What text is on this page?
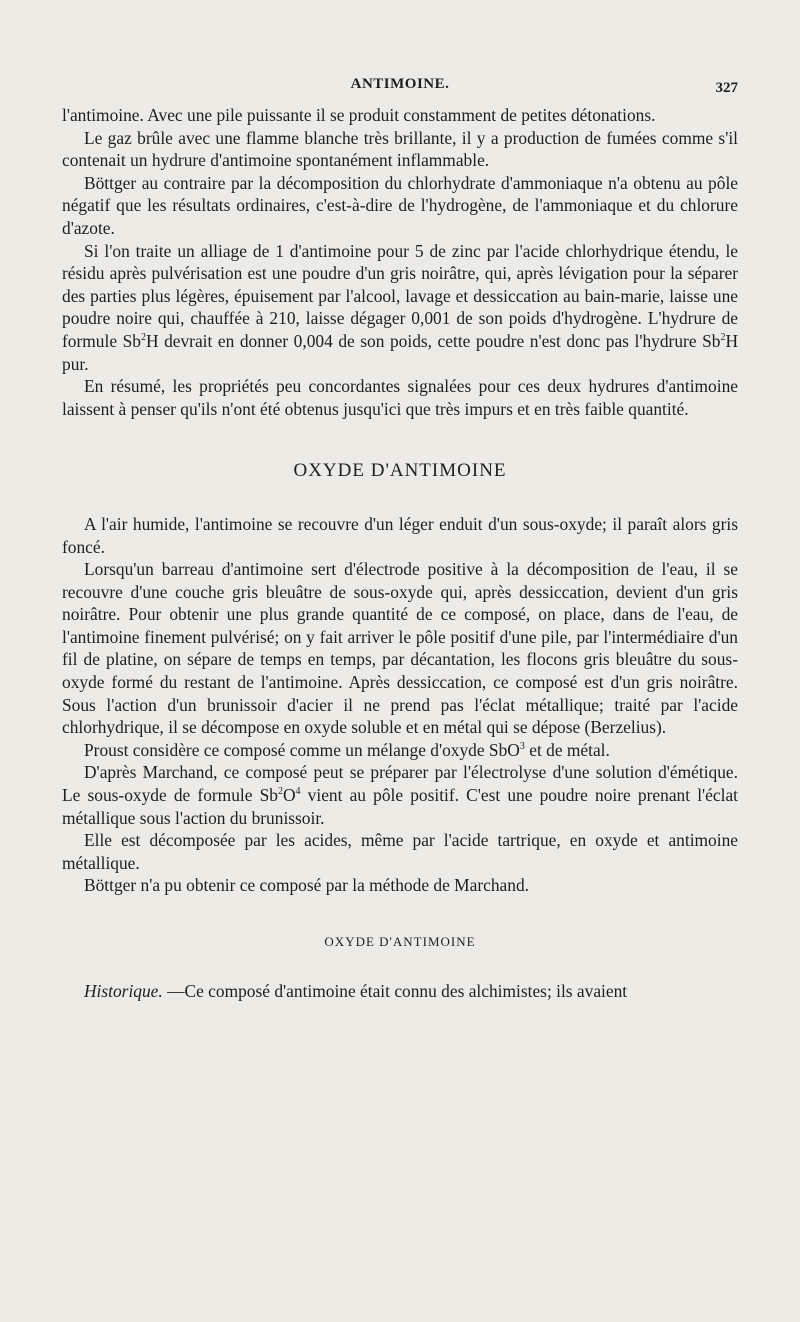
ANTIMOINE.	327

l'antimoine. Avec une pile puissante il se produit constamment de petites détonations.

Le gaz brûle avec une flamme blanche très brillante, il y a production de fumées comme s'il contenait un hydrure d'antimoine spontanément inflammable.

Böttger au contraire par la décomposition du chlorhydrate d'ammoniaque n'a obtenu au pôle négatif que les résultats ordinaires, c'est-à-dire de l'hydrogène, de l'ammoniaque et du chlorure d'azote.

Si l'on traite un alliage de 1 d'antimoine pour 5 de zinc par l'acide chlorhydrique étendu, le résidu après pulvérisation est une poudre d'un gris noirâtre, qui, après lévigation pour la séparer des parties plus légères, épuisement par l'alcool, lavage et dessiccation au bain-marie, laisse une poudre noire qui, chauffée à 210, laisse dégager 0,001 de son poids d'hydrogène. L'hydrure de formule Sb$^2$H devrait en donner 0,004 de son poids, cette poudre n'est donc pas l'hydrure Sb$^2$H pur.

En résumé, les propriétés peu concordantes signalées pour ces deux hydrures d'antimoine laissent à penser qu'ils n'ont été obtenus jusqu'ici que très impurs et en très faible quantité.

OXYDE D'ANTIMOINE

A l'air humide, l'antimoine se recouvre d'un léger enduit d'un sous-oxyde; il paraît alors gris foncé.

Lorsqu'un barreau d'antimoine sert d'électrode positive à la décomposition de l'eau, il se recouvre d'une couche gris bleuâtre de sous-oxyde qui, après dessiccation, devient d'un gris noirâtre. Pour obtenir une plus grande quantité de ce composé, on place, dans de l'eau, de l'antimoine finement pulvérisé; on y fait arriver le pôle positif d'une pile, par l'intermédiaire d'un fil de platine, on sépare de temps en temps, par décantation, les flocons gris bleuâtre du sous-oxyde formé du restant de l'antimoine. Après dessiccation, ce composé est d'un gris noirâtre. Sous l'action d'un brunissoir d'acier il ne prend pas l'éclat métallique; traité par l'acide chlorhydrique, il se décompose en oxyde soluble et en métal qui se dépose (Berzelius).

Proust considère ce composé comme un mélange d'oxyde SbO$^3$ et de métal.

D'après Marchand, ce composé peut se préparer par l'électrolyse d'une solution d'émétique. Le sous-oxyde de formule $Sb^2O^4$ vient au pôle positif. C'est une poudre noire prenant l'éclat métallique sous l'action du brunissoir.

Elle est décomposée par les acides, même par l'acide tartrique, en oxyde et antimoine métallique.

Böttger n'a pu obtenir ce composé par la méthode de Marchand.

OXYDE D'ANTIMOINE

Historique. —Ce composé d'antimoine était connu des alchimistes; ils avaient
